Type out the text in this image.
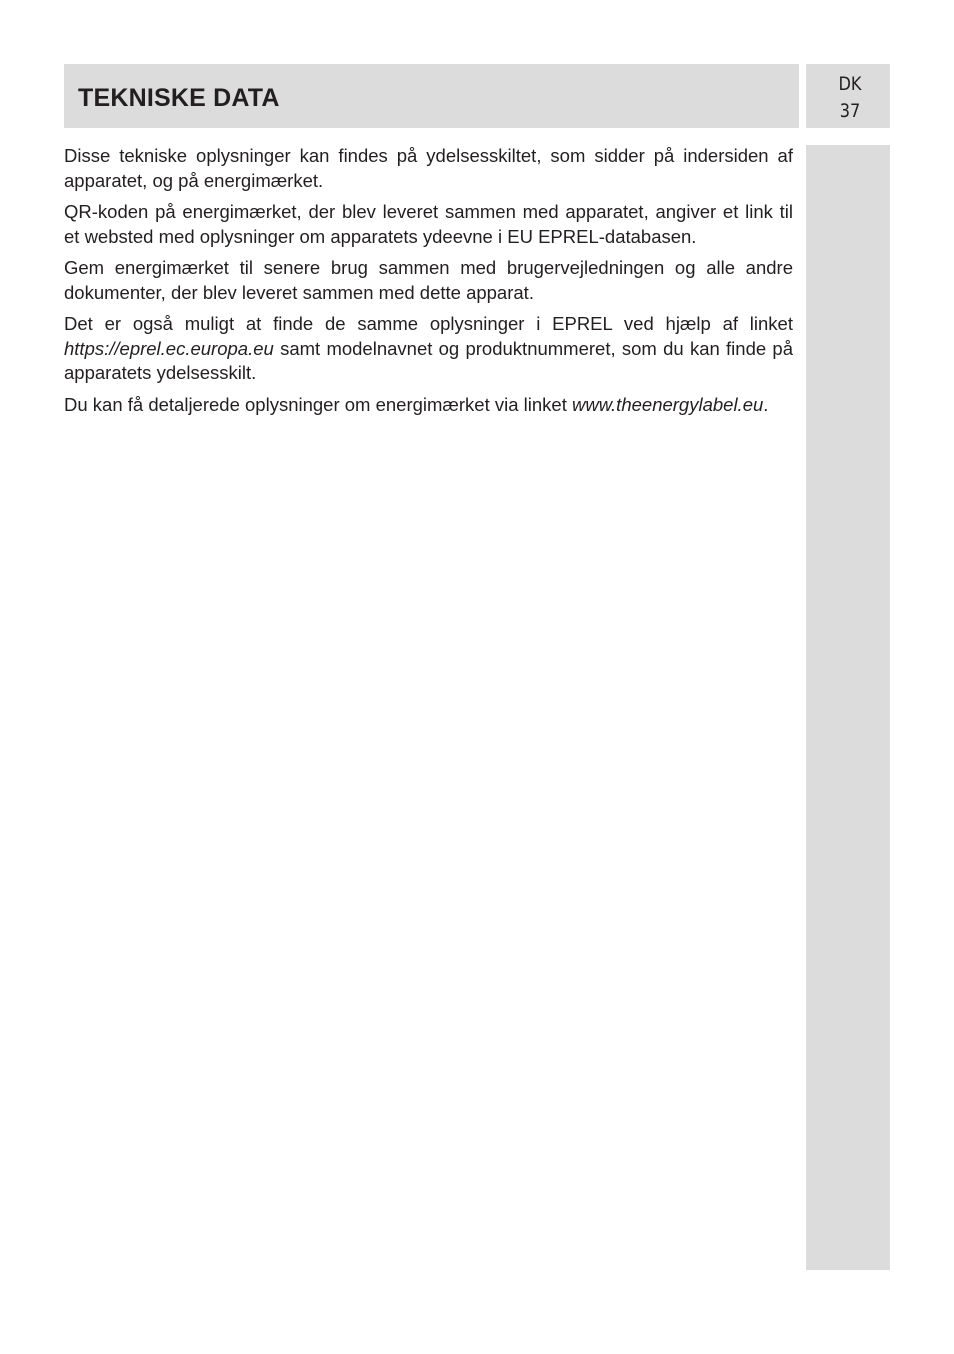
TEKNISKE DATA	DK
37

Disse tekniske oplysninger kan findes på ydelsesskiltet, som sidder på indersiden af apparatet, og på energimærket.

QR-koden på energimærket, der blev leveret sammen med apparatet, angiver et link til et websted med oplysninger om apparatets ydeevne i EU EPREL-databasen.

Gem energimærket til senere brug sammen med brugervejledningen og alle andre dokumenter, der blev leveret sammen med dette apparat.

Det er også muligt at finde de samme oplysninger i EPREL ved hjælp af linket https://eprel.ec.europa.eu samt modelnavnet og produktnummeret, som du kan finde på apparatets ydelsesskilt.

Du kan få detaljerede oplysninger om energimærket via linket www.theenergylabel.eu.
